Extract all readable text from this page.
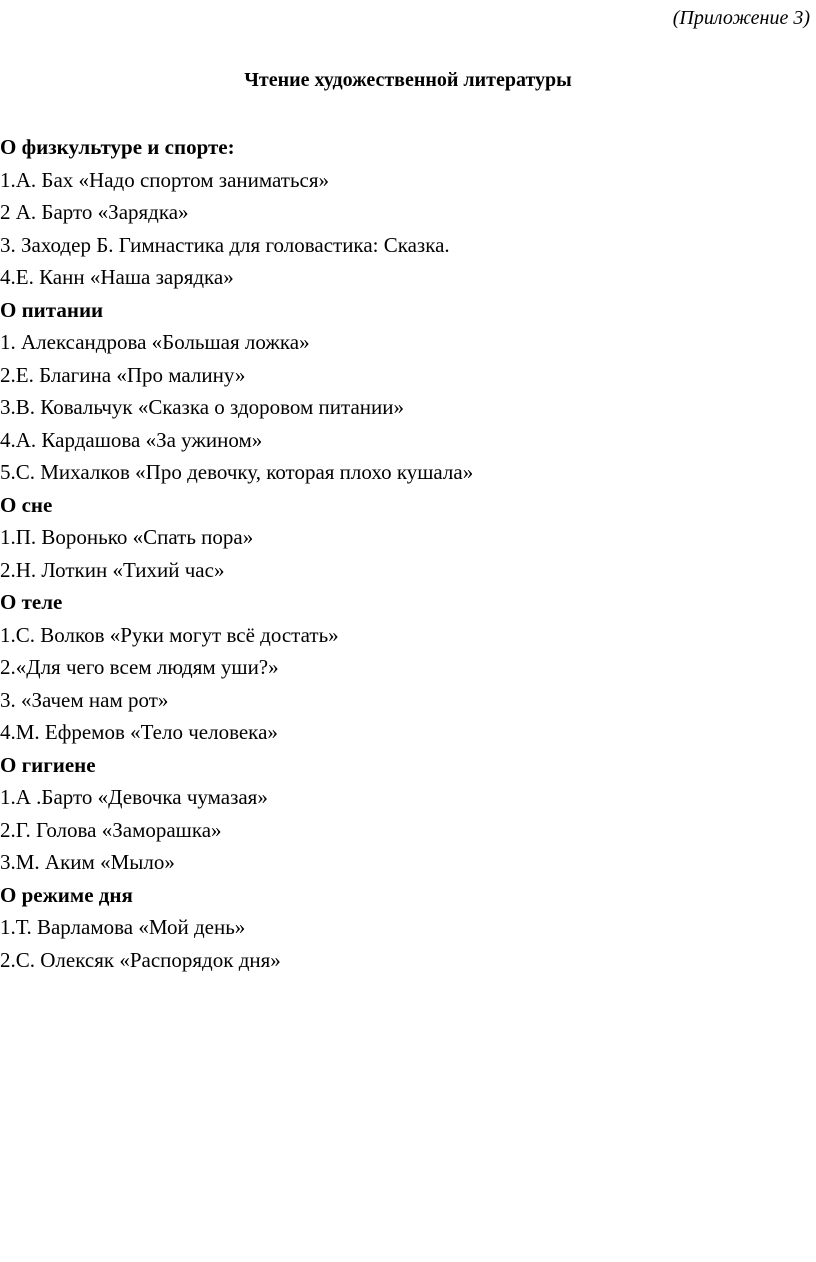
(Приложение 3)
Чтение художественной литературы
О физкультуре и спорте:
1.А. Бах «Надо спортом заниматься»
2 А. Барто «Зарядка»
3. Заходер Б. Гимнастика для головастика: Сказка.
4.Е. Канн «Наша зарядка»
О питании
1. Александрова «Большая ложка»
2.Е. Благина «Про малину»
3.В. Ковальчук «Сказка о здоровом питании»
4.А. Кардашова «За ужином»
5.С. Михалков «Про девочку, которая плохо кушала»
О сне
1.П. Воронько «Спать пора»
2.Н. Лоткин «Тихий час»
О теле
1.С. Волков «Руки могут всё достать»
2.«Для чего всем людям уши?»
3. «Зачем нам рот»
4.М. Ефремов «Тело человека»
О гигиене
1.А .Барто «Девочка чумазая»
2.Г. Голова «Заморашка»
3.М. Аким «Мыло»
О режиме дня
1.Т. Варламова «Мой день»
2.С. Олексяк «Распорядок дня»
